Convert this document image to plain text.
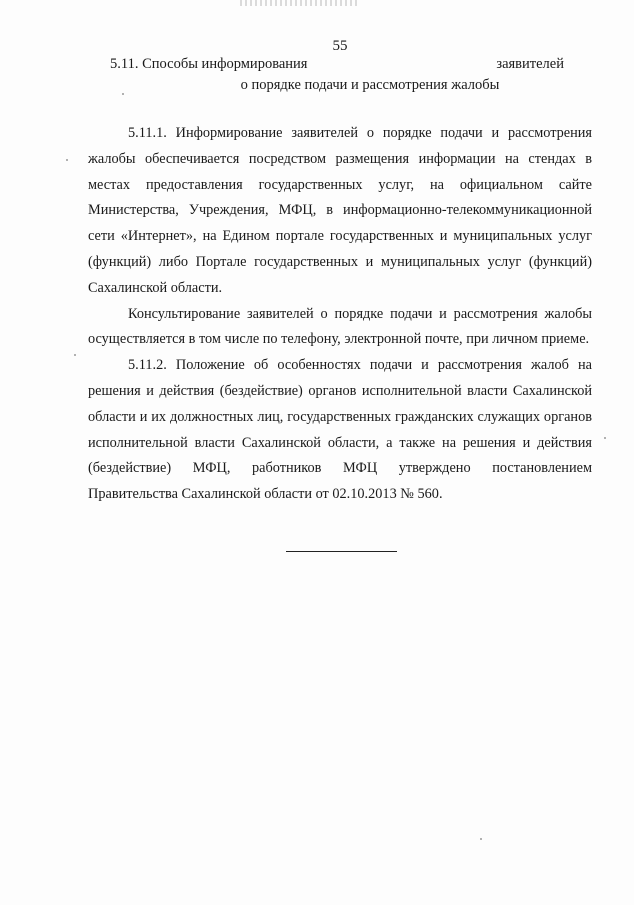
55
5.11. Способы информирования	заявителей
о порядке подачи и рассмотрения жалобы

5.11.1. Информирование заявителей о порядке подачи и рассмотрения жалобы обеспечивается посредством размещения информации на стендах в местах предоставления государственных услуг, на официальном сайте Министерства, Учреждения, МФЦ, в информационно-телекоммуникационной сети «Интернет», на Едином портале государственных и муниципальных услуг (функций) либо Портале государственных и муниципальных услуг (функций) Сахалинской области.

Консультирование заявителей о порядке подачи и рассмотрения жалобы осуществляется в том числе по телефону, электронной почте, при личном приеме.

5.11.2. Положение об особенностях подачи и рассмотрения жалоб на решения и действия (бездействие) органов исполнительной власти Сахалинской области и их должностных лиц, государственных гражданских служащих органов исполнительной власти Сахалинской области, а также на решения и действия (бездействие) МФЦ, работников МФЦ утверждено постановлением Правительства Сахалинской области от 02.10.2013 № 560.
